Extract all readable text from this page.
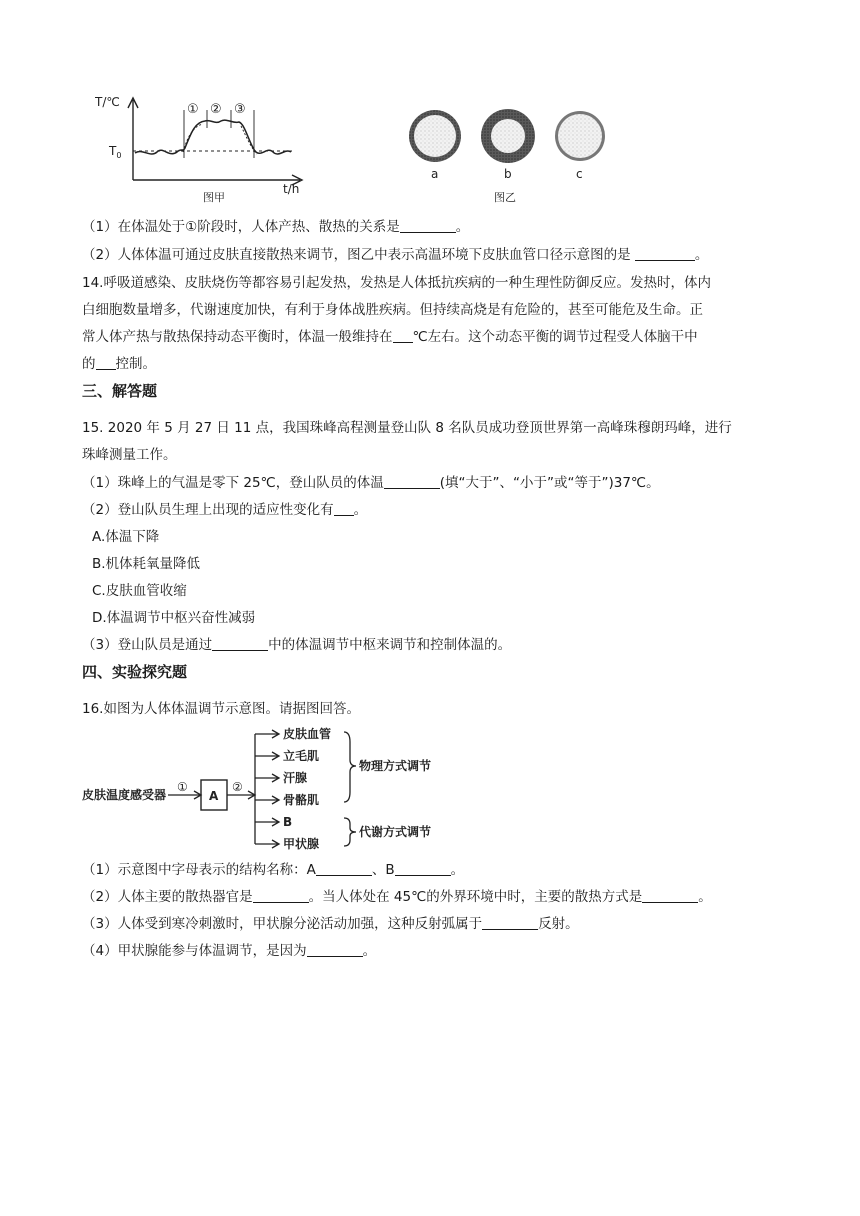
T/℃
$T_0$
t/h
① ② ③
图甲
a	b	c
图乙
（1）在体温处于①阶段时，人体产热、散热的关系是	。
（2）人体体温可通过皮肤直接散热来调节，图乙中表示高温环境下皮肤血管口径示意图的是	。
14.呼吸道感染、皮肤烧伤等都容易引起发热，发热是人体抵抗疾病的一种生理性防御反应。发热时，体内
白细胞数量增多，代谢速度加快，有利于身体战胜疾病。但持续高烧是有危险的，甚至可能危及生命。正
常人体产热与散热保持动态平衡时，体温一般维持在 ℃左右。这个动态平衡的调节过程受人体脑干中
的 控制。
三、解答题
15. 2020 年 5 月 27 日 11 点，我国珠峰高程测量登山队 8 名队员成功登顶世界第一高峰珠穆朗玛峰，进行
珠峰测量工作。
（1）珠峰上的气温是零下 25℃，登山队员的体温	(填“大于”、“小于”或“等于”)37℃。
（2）登山队员生理上出现的适应性变化有 。
A.体温下降
B.机体耗氧量降低
C.皮肤血管收缩
D.体温调节中枢兴奋性减弱
（3）登山队员是通过	中的体温调节中枢来调节和控制体温的。
四、实验探究题
16.如图为人体体温调节示意图。请据图回答。
皮肤温度感受器
①
A
②
皮肤血管
立毛肌
汗腺
骨骼肌
B
甲状腺
物理方式调节
代谢方式调节
（1）示意图中字母表示的结构名称：A	、B	。
（2）人体主要的散热器官是	。当人体处在 45℃的外界环境中时，主要的散热方式是	。
（3）人体受到寒冷刺激时，甲状腺分泌活动加强，这种反射弧属于	反射。
（4）甲状腺能参与体温调节，是因为	。
